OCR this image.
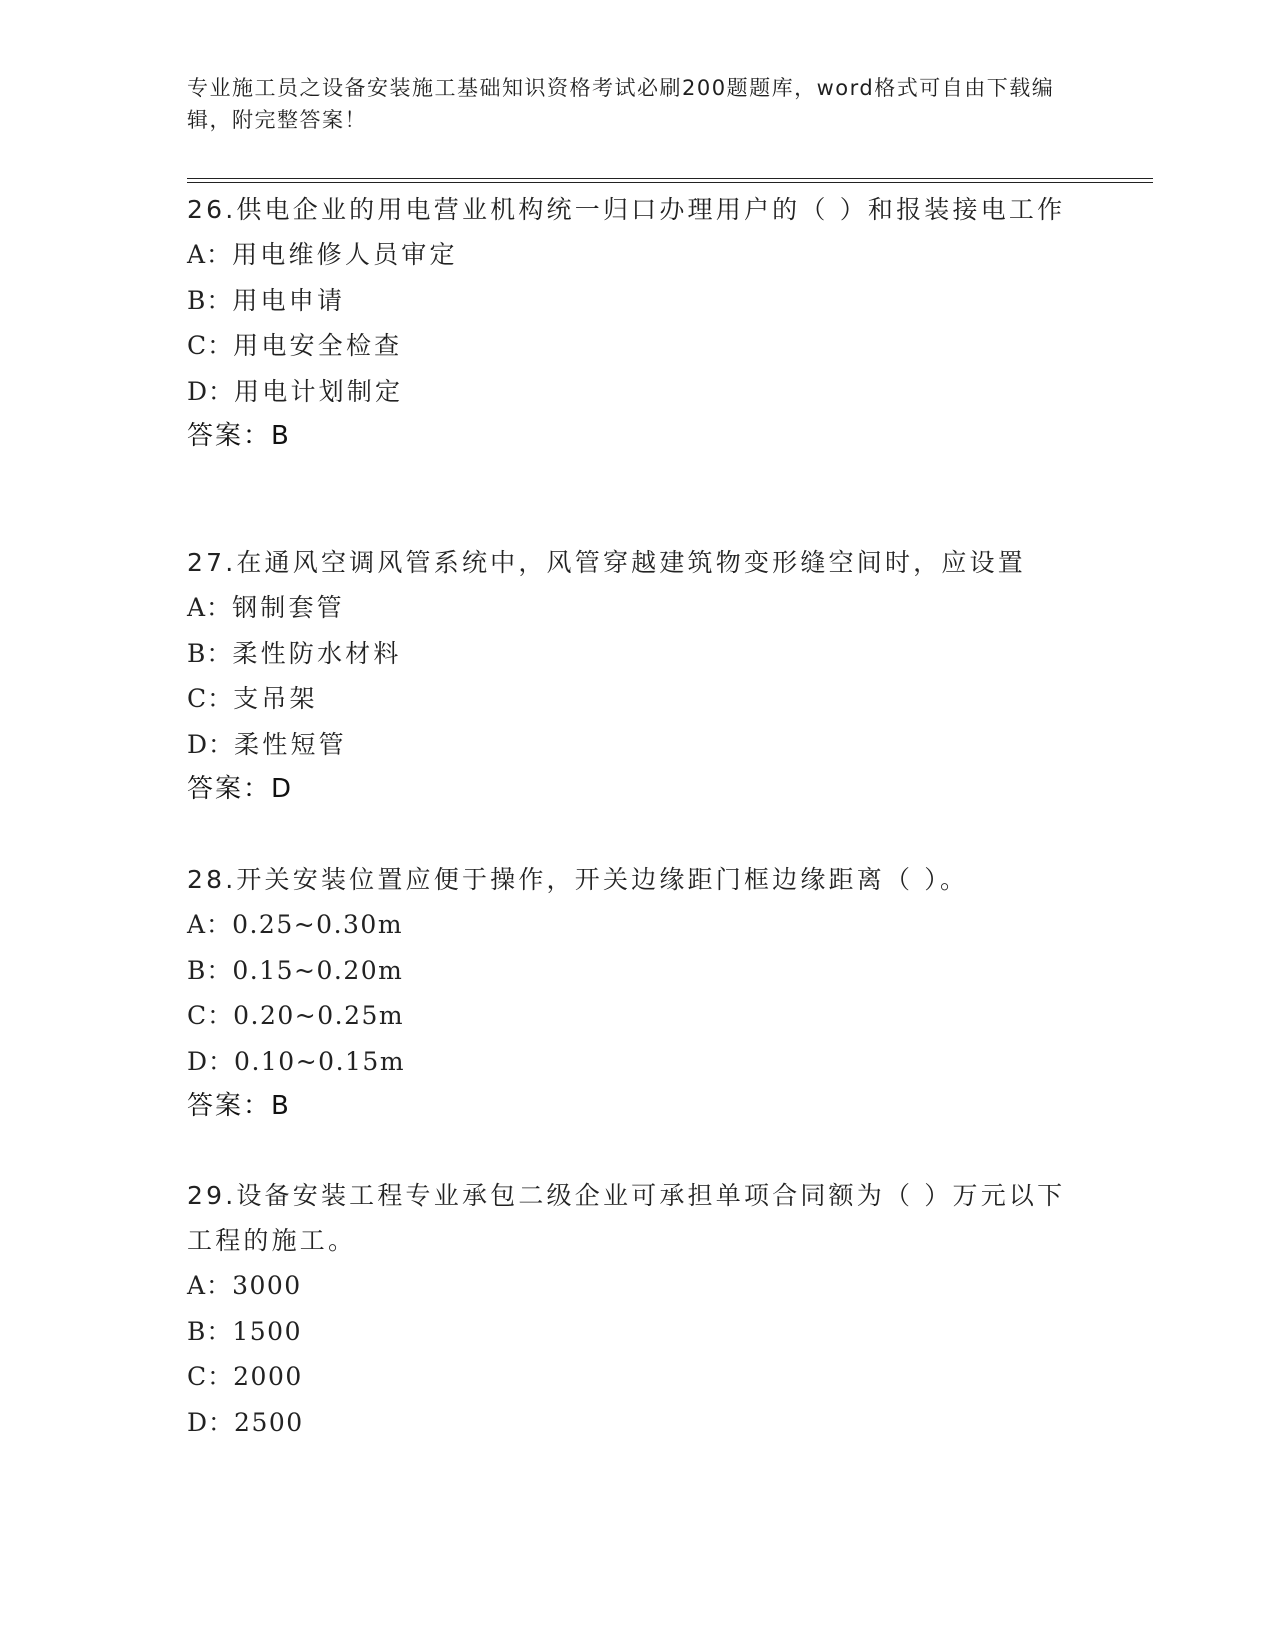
专业施工员之设备安装施工基础知识资格考试必刷200题题库，word格式可自由下载编辑，附完整答案！
26.供电企业的用电营业机构统一归口办理用户的（ ）和报装接电工作
A：用电维修人员审定
B：用电申请
C：用电安全检查
D：用电计划制定
答案：B
27.在通风空调风管系统中，风管穿越建筑物变形缝空间时，应设置
A：钢制套管
B：柔性防水材料
C：支吊架
D：柔性短管
答案：D
28.开关安装位置应便于操作，开关边缘距门框边缘距离（ ）。
A：0.25~0.30m
B：0.15~0.20m
C：0.20~0.25m
D：0.10~0.15m
答案：B
29.设备安装工程专业承包二级企业可承担单项合同额为（ ）万元以下工程的施工。
A：3000
B：1500
C：2000
D：2500
